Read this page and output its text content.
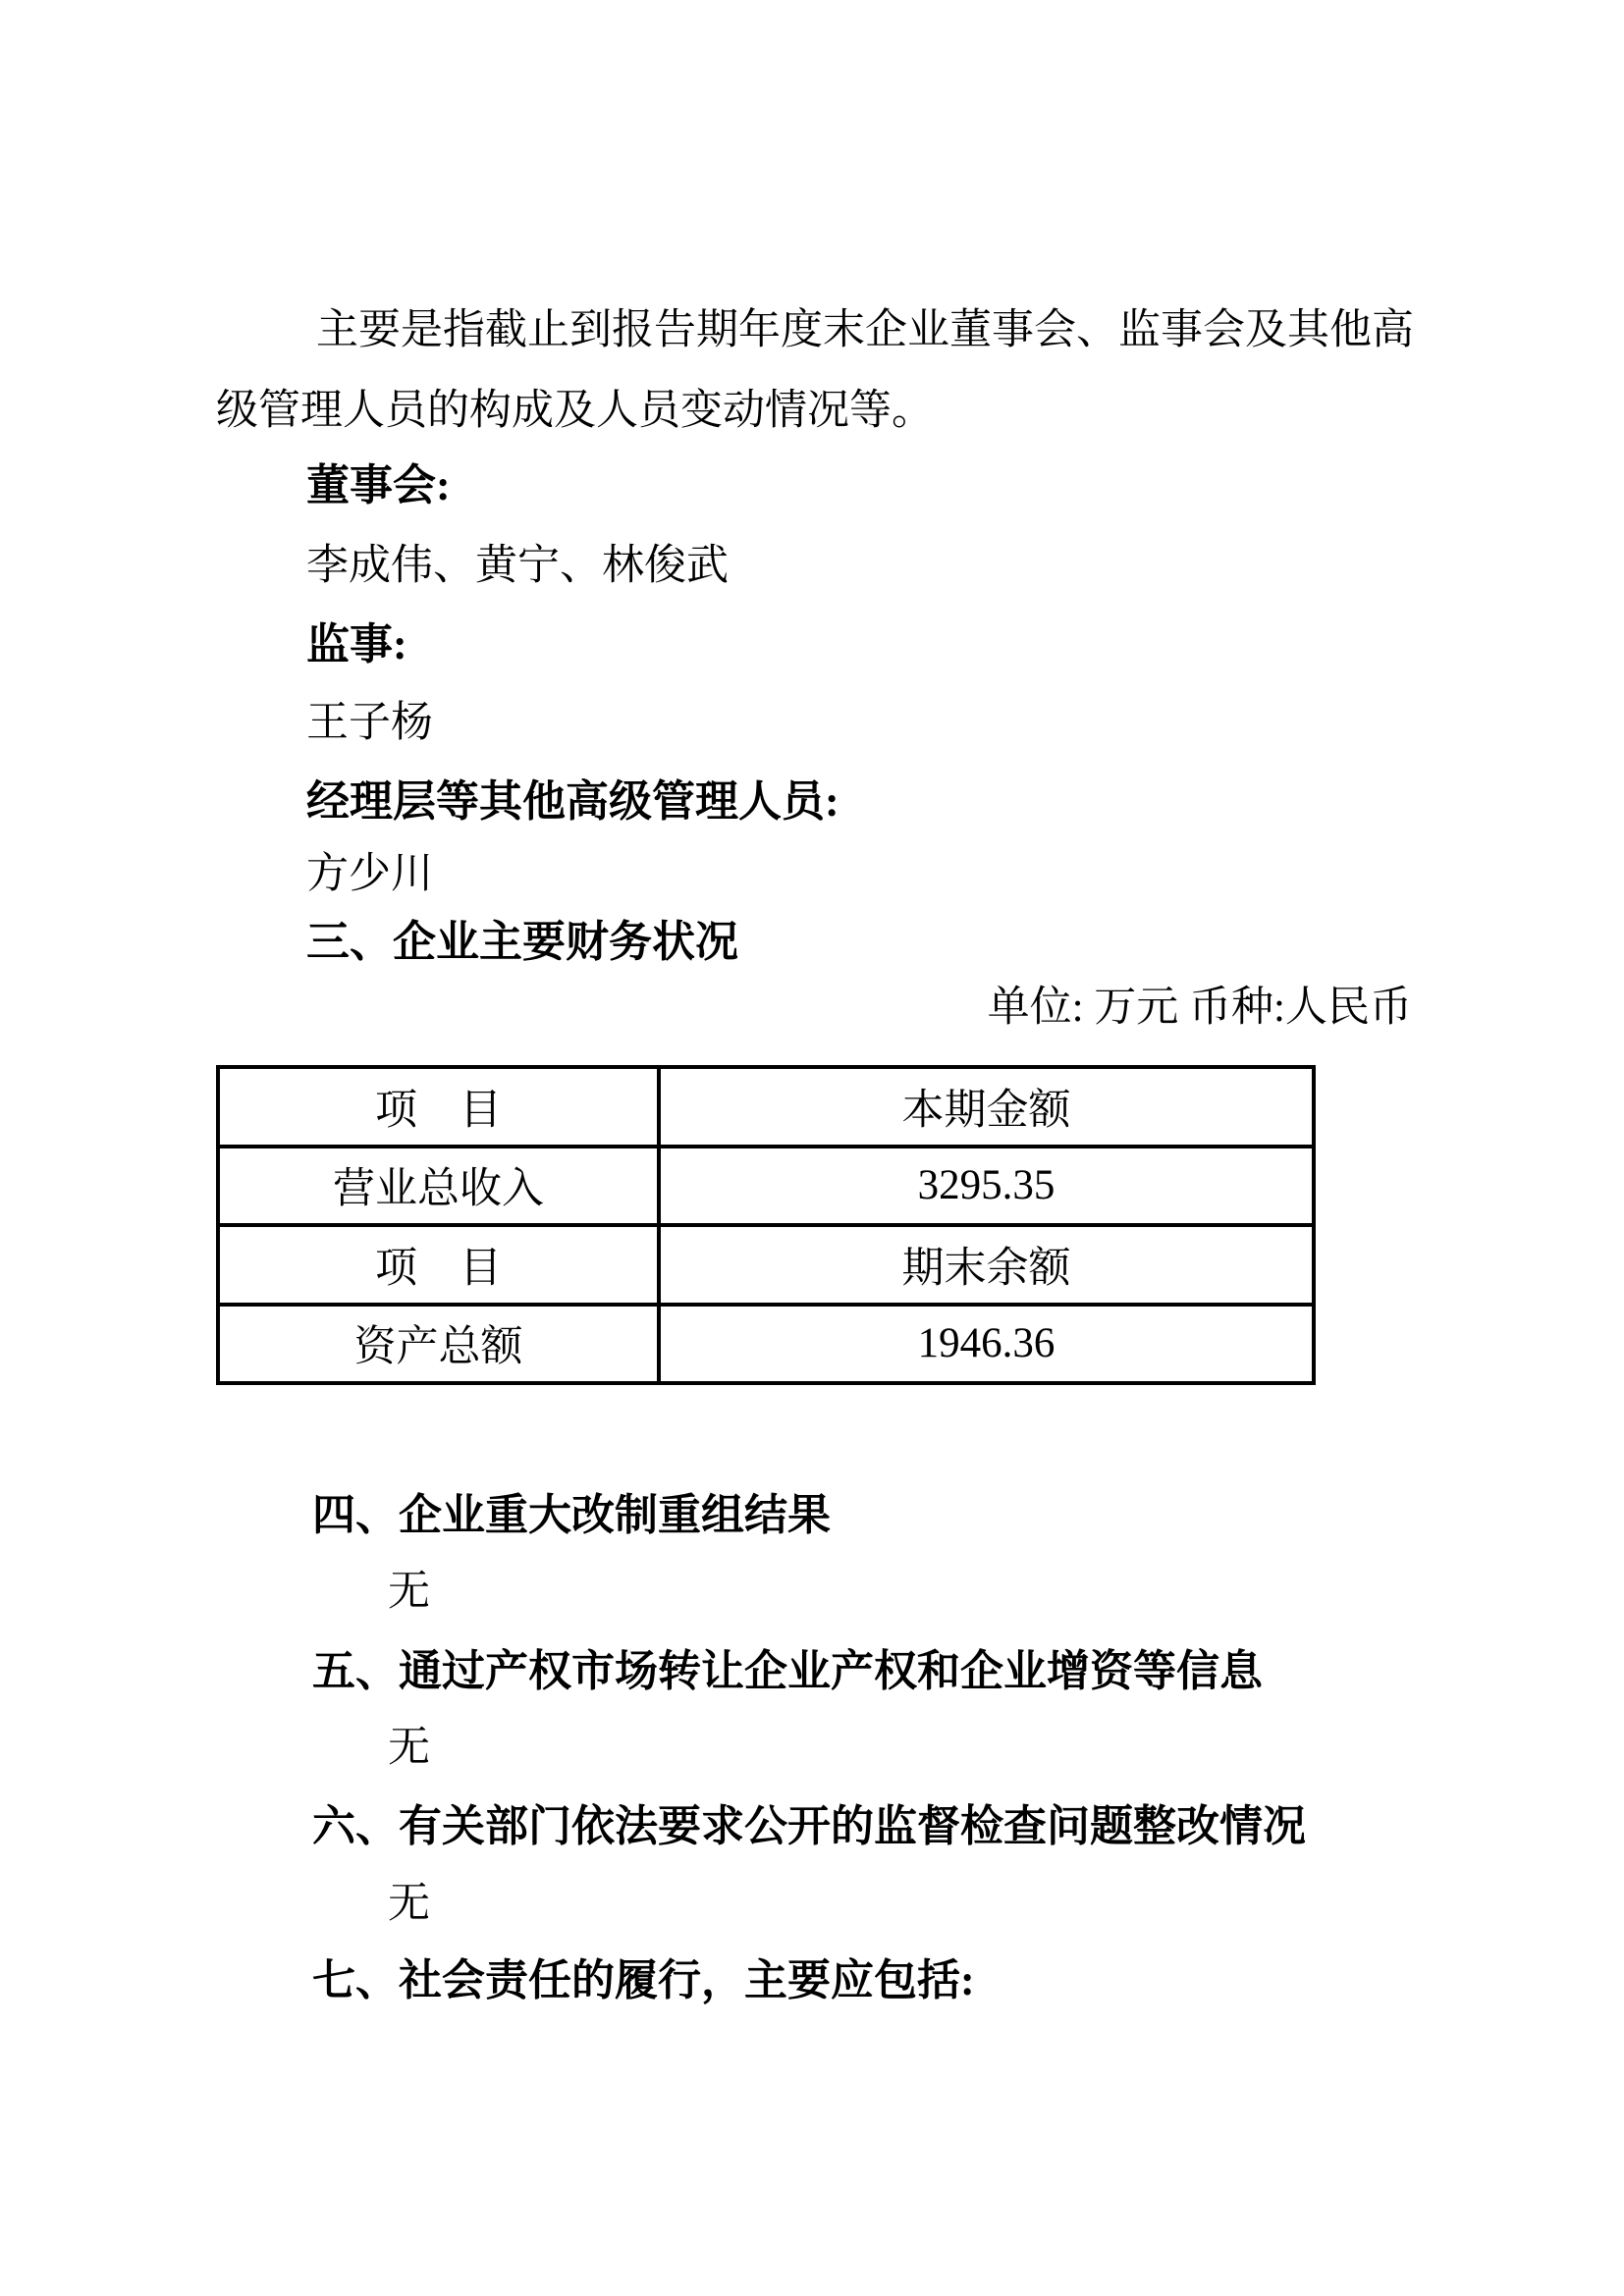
主要是指截止到报告期年度末企业董事会、监事会及其他高
级管理人员的构成及人员变动情况等。
董事会:
李成伟、黄宁、林俊武
监事:
王子杨
经理层等其他高级管理人员:
方少川
三、企业主要财务状况
单位: 万元 币种:人民币
项　目	本期金额
营业总收入	3295.35
项　目	期末余额
资产总额	1946.36
四、企业重大改制重组结果
无
五、通过产权市场转让企业产权和企业增资等信息
无
六、有关部门依法要求公开的监督检查问题整改情况
无
七、社会责任的履行，主要应包括:
